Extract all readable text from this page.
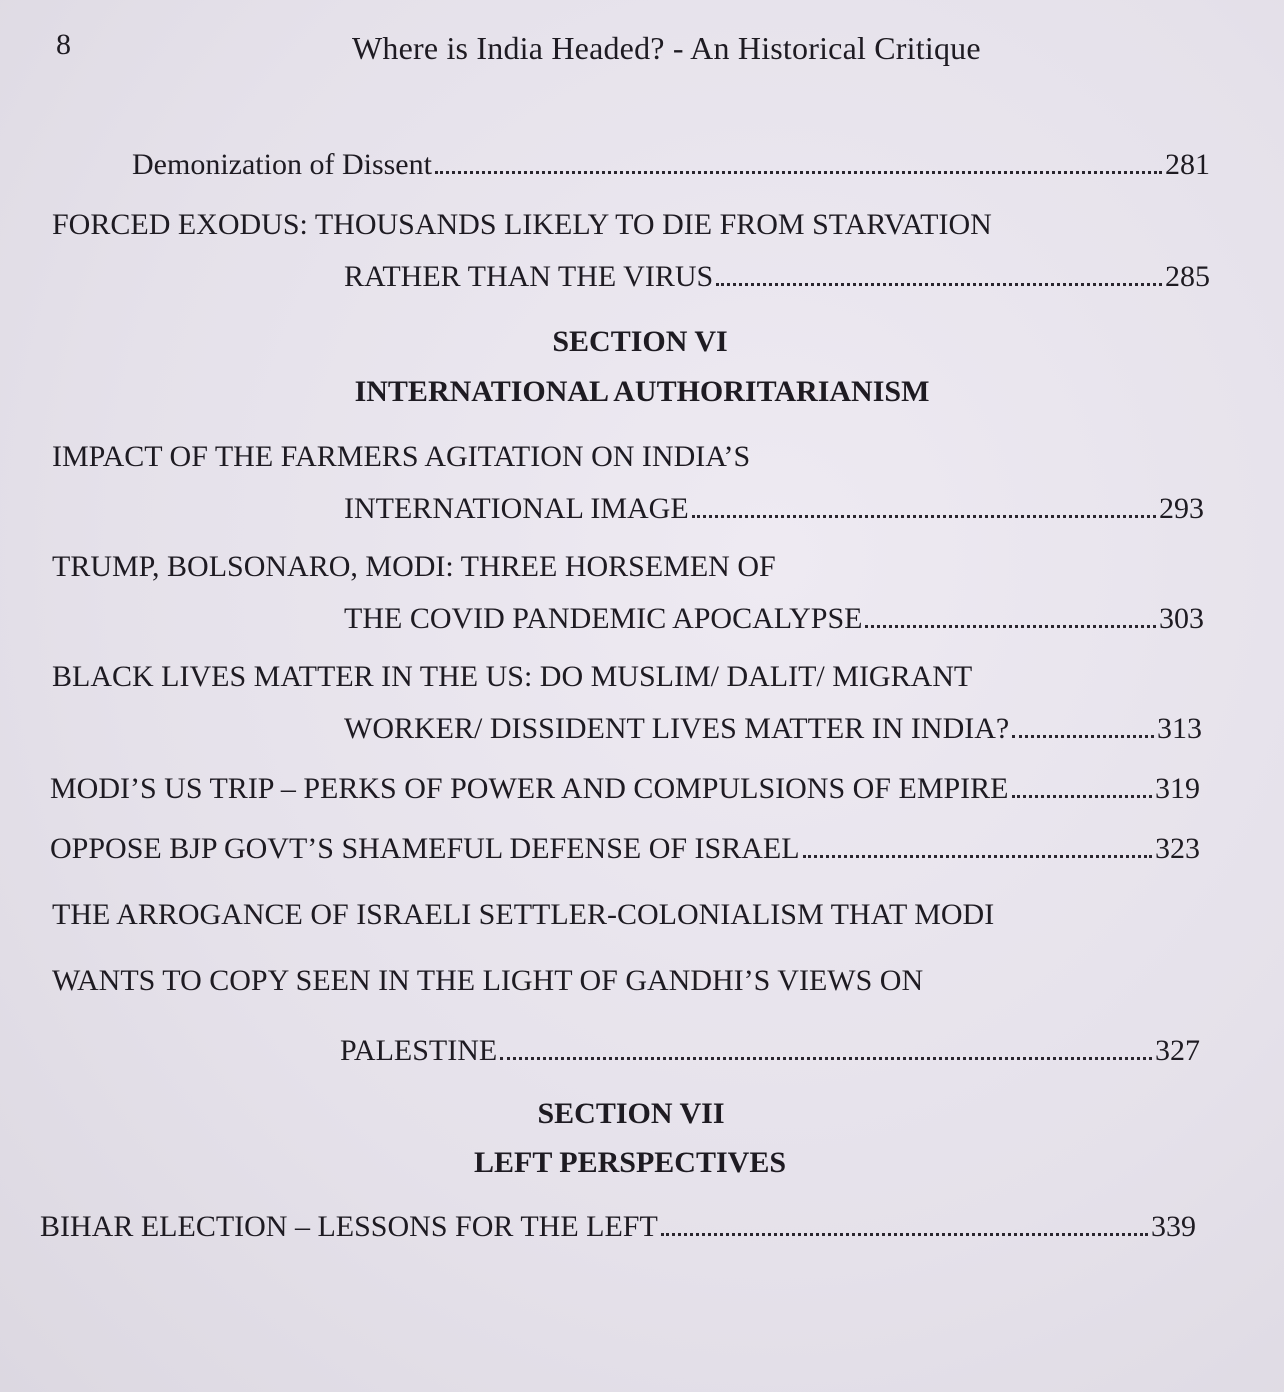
8	Where is India Headed? - An Historical Critique
Demonization of Dissent	281
FORCED EXODUS: THOUSANDS LIKELY TO DIE FROM STARVATION
RATHER THAN THE VIRUS	285
SECTION VI
INTERNATIONAL AUTHORITARIANISM
IMPACT OF THE FARMERS AGITATION ON INDIA’S
INTERNATIONAL IMAGE	293
TRUMP, BOLSONARO, MODI: THREE HORSEMEN OF
THE COVID PANDEMIC APOCALYPSE	303
BLACK LIVES MATTER IN THE US: DO MUSLIM/ DALIT/ MIGRANT
WORKER/ DISSIDENT LIVES MATTER IN INDIA?	313
MODI’S US TRIP – PERKS OF POWER AND COMPULSIONS OF EMPIRE	319
OPPOSE BJP GOVT’S SHAMEFUL DEFENSE OF ISRAEL	323
THE ARROGANCE OF ISRAELI SETTLER-COLONIALISM THAT MODI
WANTS TO COPY SEEN IN THE LIGHT OF GANDHI’S VIEWS ON
PALESTINE	327
SECTION VII
LEFT PERSPECTIVES
BIHAR ELECTION – LESSONS FOR THE LEFT	339
